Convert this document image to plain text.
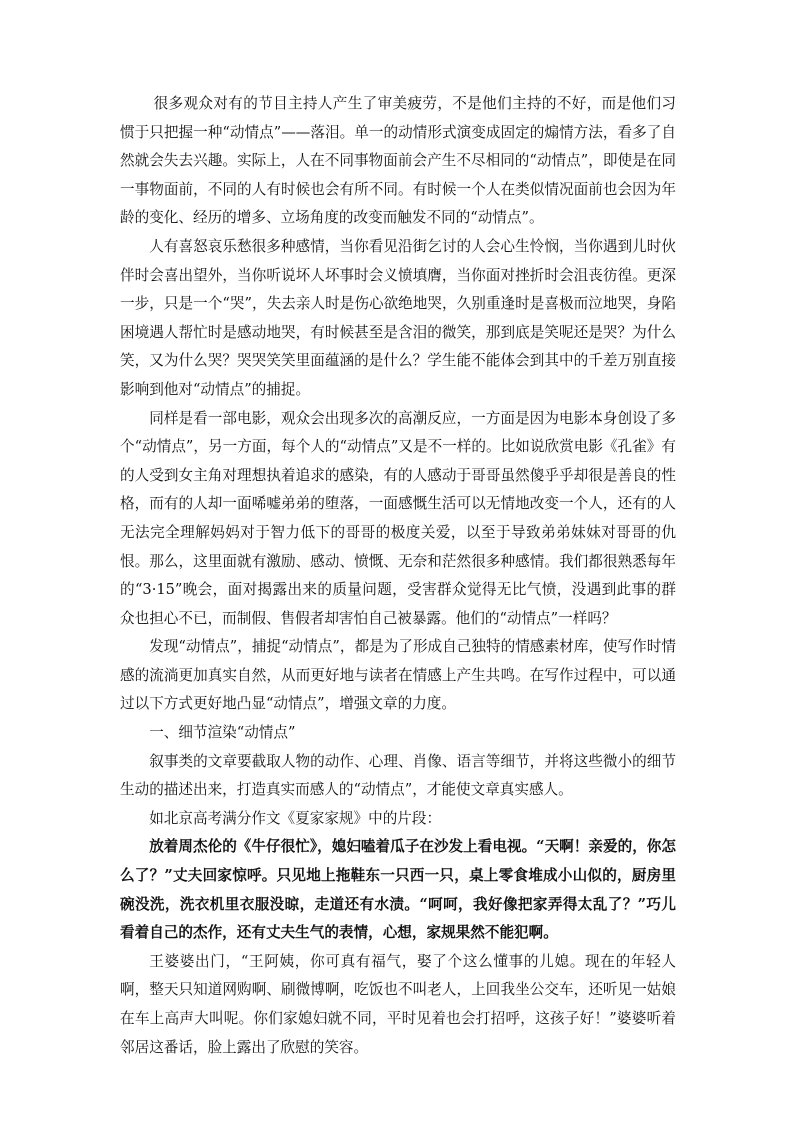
很多观众对有的节目主持人产生了审美疲劳，不是他们主持的不好，而是他们习惯于只把握一种“动情点”——落泪。单一的动情形式演变成固定的煽情方法，看多了自然就会失去兴趣。实际上，人在不同事物面前会产生不尽相同的“动情点”，即使是在同一事物面前，不同的人有时候也会有所不同。有时候一个人在类似情况面前也会因为年龄的变化、经历的增多、立场角度的改变而触发不同的“动情点”。

人有喜怒哀乐愁很多种感情，当你看见沿街乞讨的人会心生怜悯，当你遇到儿时伙伴时会喜出望外，当你听说坏人坏事时会义愤填膺，当你面对挫折时会沮丧彷徨。更深一步，只是一个“哭”，失去亲人时是伤心欲绝地哭，久别重逢时是喜极而泣地哭，身陷困境遇人帮忙时是感动地哭，有时候甚至是含泪的微笑，那到底是笑呢还是哭？为什么笑，又为什么哭？哭哭笑笑里面蕴涵的是什么？学生能不能体会到其中的千差万别直接影响到他对“动情点”的捕捉。

同样是看一部电影，观众会出现多次的高潮反应，一方面是因为电影本身创设了多个“动情点”，另一方面，每个人的“动情点”又是不一样的。比如说欣赏电影《孔雀》有的人受到女主角对理想执着追求的感染，有的人感动于哥哥虽然傻乎乎却很是善良的性格，而有的人却一面唏嘘弟弟的堕落，一面感慨生活可以无情地改变一个人，还有的人无法完全理解妈妈对于智力低下的哥哥的极度关爱，以至于导致弟弟妹妹对哥哥的仇恨。那么，这里面就有激励、感动、愤慨、无奈和茫然很多种感情。我们都很熟悉每年的“3·15”晚会，面对揭露出来的质量问题，受害群众觉得无比气愤，没遇到此事的群众也担心不已，而制假、售假者却害怕自己被暴露。他们的“动情点”一样吗？

发现“动情点”，捕捉“动情点”，都是为了形成自己独特的情感素材库，使写作时情感的流淌更加真实自然，从而更好地与读者在情感上产生共鸣。在写作过程中，可以通过以下方式更好地凸显“动情点”，增强文章的力度。

一、细节渲染“动情点”

叙事类的文章要截取人物的动作、心理、肖像、语言等细节，并将这些微小的细节生动的描述出来，打造真实而感人的“动情点”，才能使文章真实感人。

如北京高考满分作文《夏家家规》中的片段：

放着周杰伦的《牛仔很忙》，媳妇嗑着瓜子在沙发上看电视。“天啊！亲爱的，你怎么了？”丈夫回家惊呼。只见地上拖鞋东一只西一只，桌上零食堆成小山似的，厨房里碗没洗，洗衣机里衣服没晾，走道还有水渍。“呵呵，我好像把家弄得太乱了？”巧儿看着自己的杰作，还有丈夫生气的表情，心想，家规果然不能犯啊。

王婆婆出门，“王阿姨，你可真有福气，娶了个这么懂事的儿媳。现在的年轻人啊，整天只知道网购啊、刷微博啊，吃饭也不叫老人，上回我坐公交车，还听见一姑娘在车上高声大叫呢。你们家媳妇就不同，平时见着也会打招呼，这孩子好！”婆婆听着邻居这番话，脸上露出了欣慰的笑容。
